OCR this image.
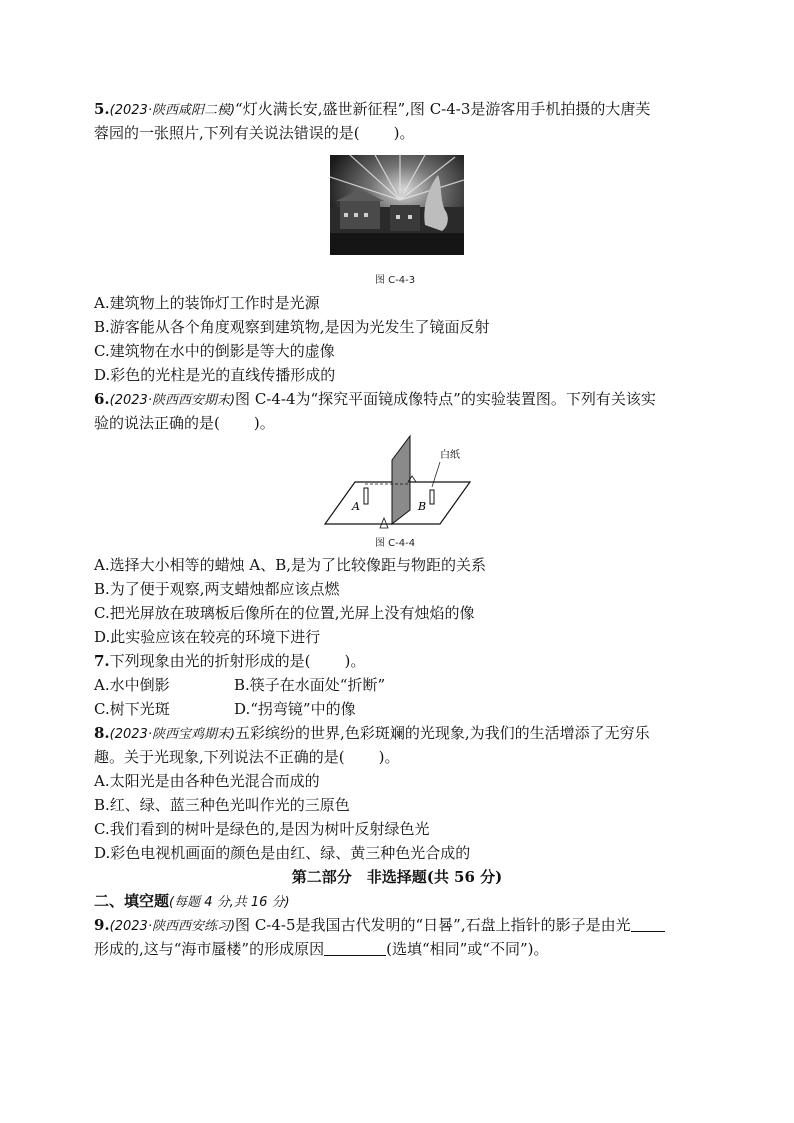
5.(2023·陕西咸阳二模)“灯火满长安,盛世新征程”,图 C-4-3是游客用手机拍摄的大唐芙
蓉园的一张照片,下列有关说法错误的是( )。
图 C-4-3
A.建筑物上的装饰灯工作时是光源
B.游客能从各个角度观察到建筑物,是因为光发生了镜面反射
C.建筑物在水中的倒影是等大的虚像
D.彩色的光柱是光的直线传播形成的
6.(2023·陕西西安期末)图 C-4-4为“探究平面镜成像特点”的实验装置图。下列有关该实
验的说法正确的是( )。
白纸
A	B
图 C-4-4
A.选择大小相等的蜡烛 A、B,是为了比较像距与物距的关系
B.为了便于观察,两支蜡烛都应该点燃
C.把光屏放在玻璃板后像所在的位置,光屏上没有烛焰的像
D.此实验应该在较亮的环境下进行
7.下列现象由光的折射形成的是( )。
A.水中倒影	B.筷子在水面处“折断”
C.树下光斑	D.“拐弯镜”中的像
8.(2023·陕西宝鸡期末)五彩缤纷的世界,色彩斑斓的光现象,为我们的生活增添了无穷乐
趣。关于光现象,下列说法不正确的是( )。
A.太阳光是由各种色光混合而成的
B.红、绿、蓝三种色光叫作光的三原色
C.我们看到的树叶是绿色的,是因为树叶反射绿色光
D.彩色电视机画面的颜色是由红、绿、黄三种色光合成的
第二部分　非选择题(共 56 分)
二、填空题(每题 4 分,共 16 分)
9.(2023·陕西西安练习)图 C-4-5是我国古代发明的“日晷”,石盘上指针的影子是由光
形成的,这与“海市蜃楼”的形成原因	(选填“相同”或“不同”)。
